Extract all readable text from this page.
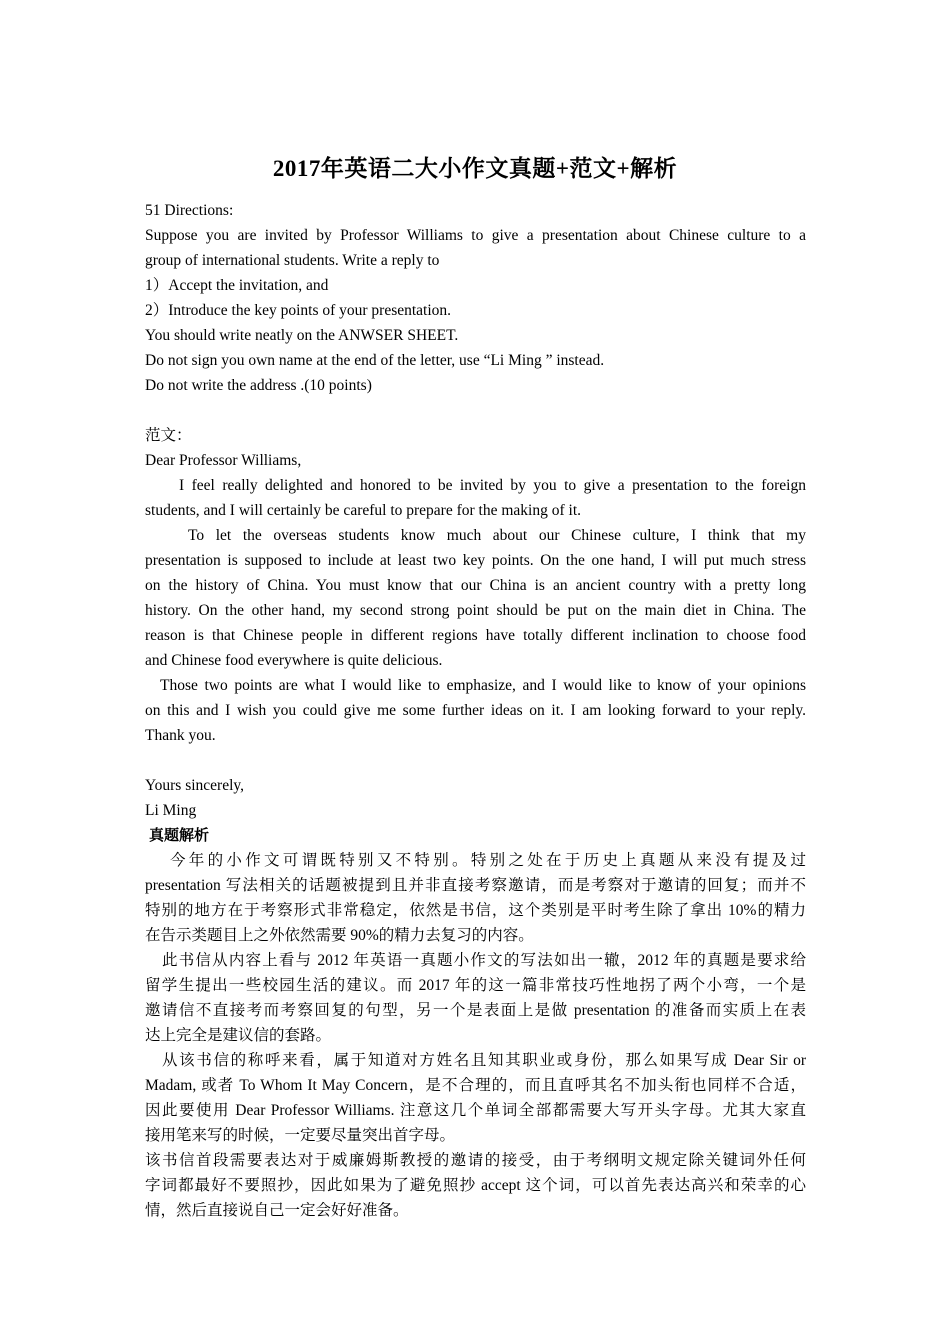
2017年英语二大小作文真题+范文+解析

51 Directions:

Suppose you are invited by Professor Williams to give a presentation about Chinese culture to a

group of international students. Write a reply to

1）Accept the invitation, and

2）Introduce the key points of your presentation.

You should write neatly on the ANWSER SHEET.

Do not sign you own name at the end of the letter, use “Li Ming ” instead.

Do not write the address .(10 points)

范文：

Dear Professor Williams,

I feel really delighted and honored to be invited by you to give a presentation to the foreign

students, and I will certainly be careful to prepare for the making of it.

To let the overseas students know much about our Chinese culture, I think that my

presentation is supposed to include at least two key points. On the one hand, I will put much stress

on the history of China. You must know that our China is an ancient country with a pretty long

history. On the other hand, my second strong point should be put on the main diet in China. The

reason is that Chinese people in different regions have totally different inclination to choose food

and Chinese food everywhere is quite delicious.

Those two points are what I would like to emphasize, and I would like to know of your opinions

on this and I wish you could give me some further ideas on it. I am looking forward to your reply.

Thank you.

Yours sincerely,

Li Ming

真题解析

今年的小作文可谓既特别又不特别。特别之处在于历史上真题从来没有提及过

presentation 写法相关的话题被提到且并非直接考察邀请，而是考察对于邀请的回复；而并不

特别的地方在于考察形式非常稳定，依然是书信，这个类别是平时考生除了拿出 10%的精力

在告示类题目上之外依然需要 90%的精力去复习的内容。

此书信从内容上看与 2012 年英语一真题小作文的写法如出一辙，2012 年的真题是要求给

留学生提出一些校园生活的建议。而 2017 年的这一篇非常技巧性地拐了两个小弯，一个是

邀请信不直接考而考察回复的句型，另一个是表面上是做 presentation 的准备而实质上在表

达上完全是建议信的套路。

从该书信的称呼来看，属于知道对方姓名且知其职业或身份，那么如果写成 Dear Sir or

Madam, 或者 To Whom It May Concern，是不合理的，而且直呼其名不加头衔也同样不合适，

因此要使用 Dear Professor Williams. 注意这几个单词全部都需要大写开头字母。尤其大家直

接用笔来写的时候，一定要尽量突出首字母。

该书信首段需要表达对于威廉姆斯教授的邀请的接受，由于考纲明文规定除关键词外任何

字词都最好不要照抄，因此如果为了避免照抄 accept 这个词，可以首先表达高兴和荣幸的心

情，然后直接说自己一定会好好准备。
